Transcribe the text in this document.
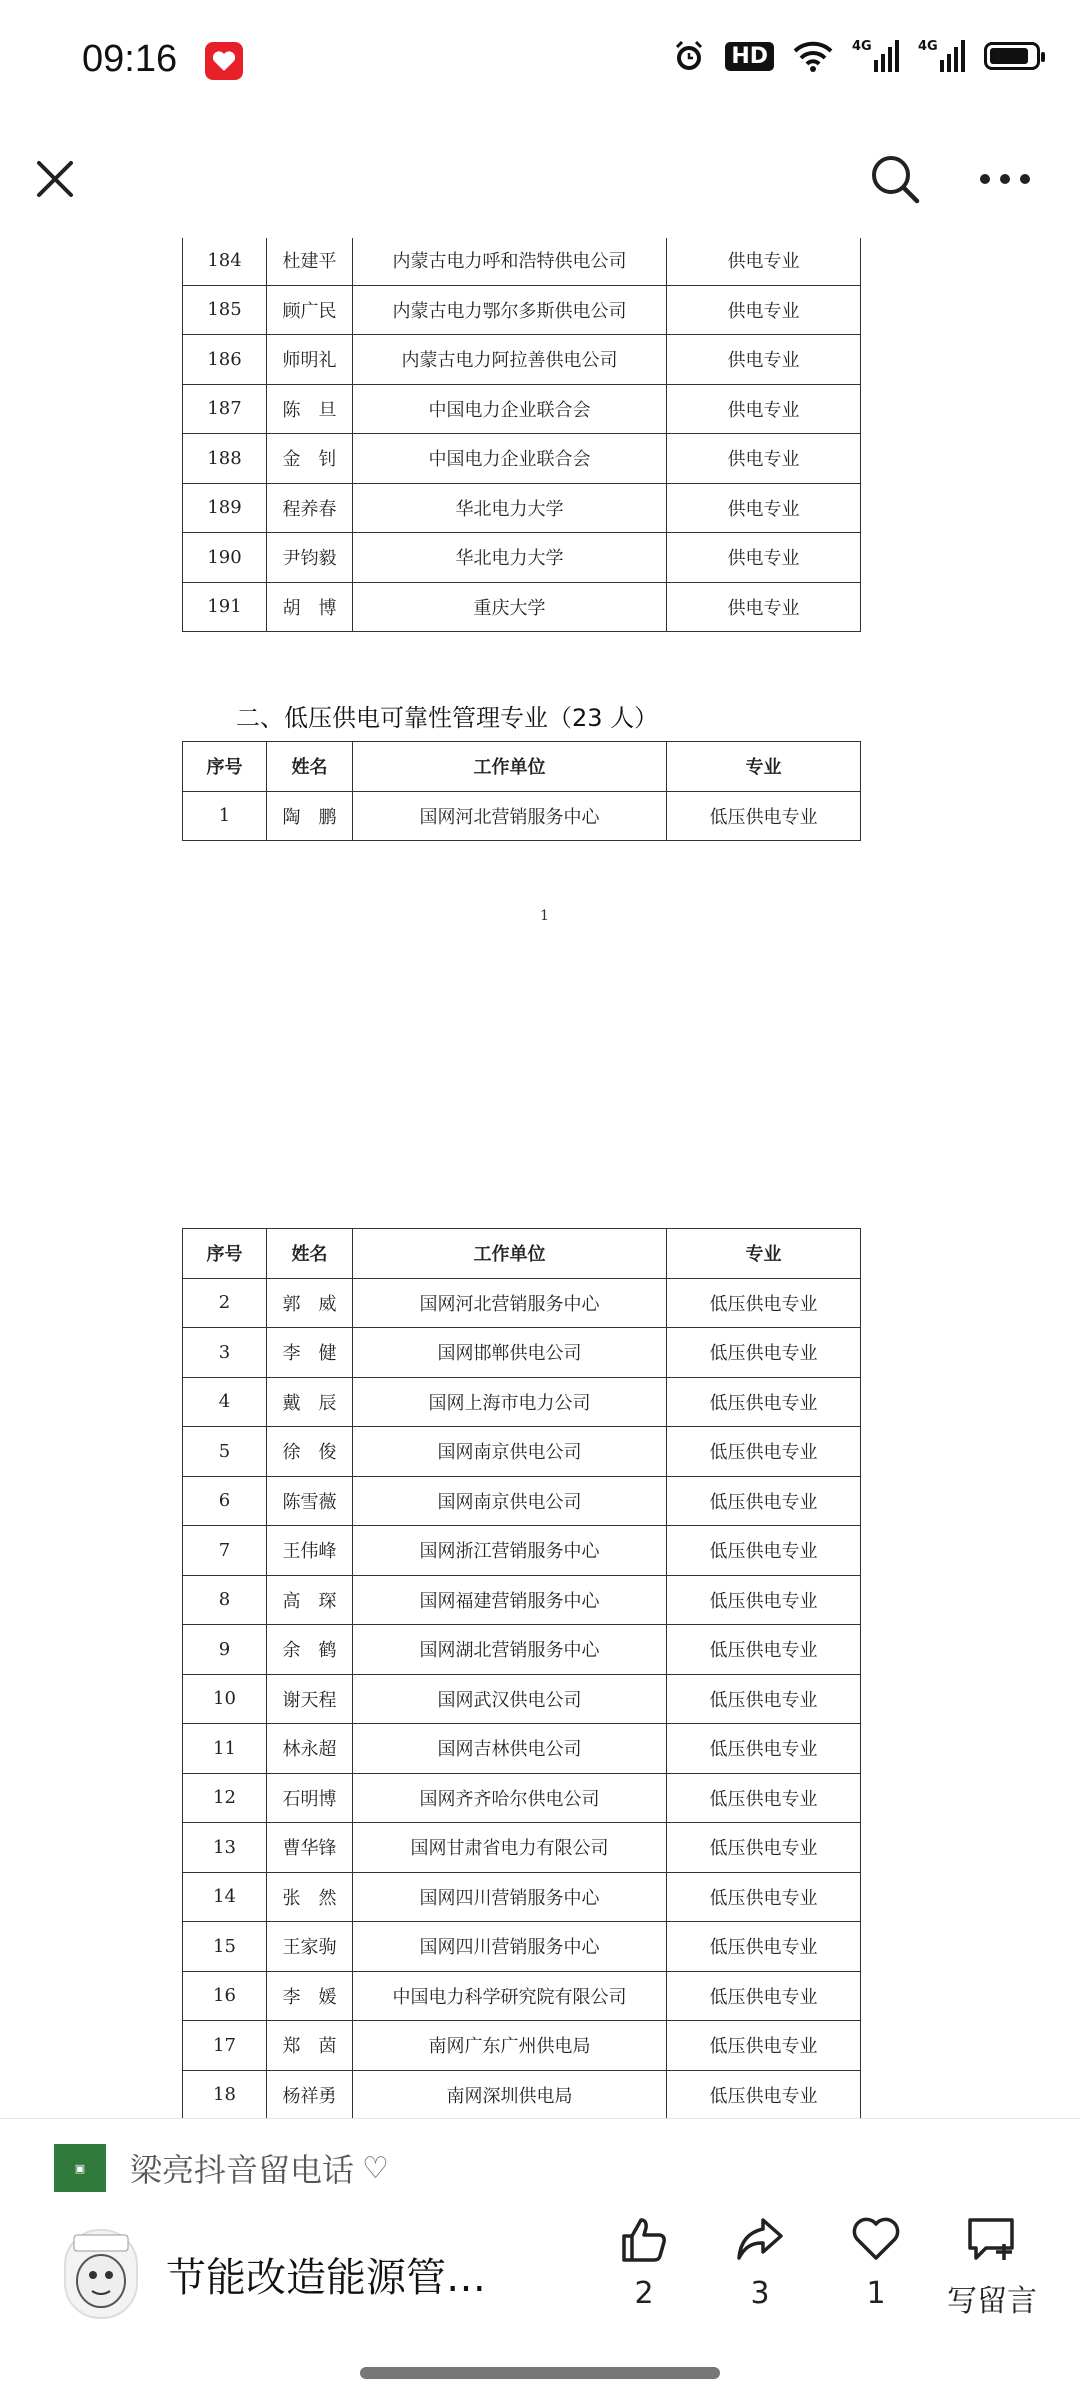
09:16	HD	4G	4G
184	杜建平	内蒙古电力呼和浩特供电公司	供电专业
185	顾广民	内蒙古电力鄂尔多斯供电公司	供电专业
186	师明礼	内蒙古电力阿拉善供电公司	供电专业
187	陈　旦	中国电力企业联合会	供电专业
188	金　钊	中国电力企业联合会	供电专业
189	程养春	华北电力大学	供电专业
190	尹钧毅	华北电力大学	供电专业
191	胡　博	重庆大学	供电专业
二、低压供电可靠性管理专业（23 人）
序号	姓名	工作单位	专业
1	陶　鹏	国网河北营销服务中心	低压供电专业
1
序号	姓名	工作单位	专业
2	郭　威	国网河北营销服务中心	低压供电专业
3	李　健	国网邯郸供电公司	低压供电专业
4	戴　辰	国网上海市电力公司	低压供电专业
5	徐　俊	国网南京供电公司	低压供电专业
6	陈雪薇	国网南京供电公司	低压供电专业
7	王伟峰	国网浙江营销服务中心	低压供电专业
8	高　琛	国网福建营销服务中心	低压供电专业
9	余　鹤	国网湖北营销服务中心	低压供电专业
10	谢天程	国网武汉供电公司	低压供电专业
11	林永超	国网吉林供电公司	低压供电专业
12	石明博	国网齐齐哈尔供电公司	低压供电专业
13	曹华锋	国网甘肃省电力有限公司	低压供电专业
14	张　然	国网四川营销服务中心	低压供电专业
15	王家驹	国网四川营销服务中心	低压供电专业
16	李　媛	中国电力科学研究院有限公司	低压供电专业
17	郑　茵	南网广东广州供电局	低压供电专业
18	杨祥勇	南网深圳供电局	低压供电专业
▣	梁亮抖音留电话 ♡
节能改造能源管…	2	3	1 写留言
